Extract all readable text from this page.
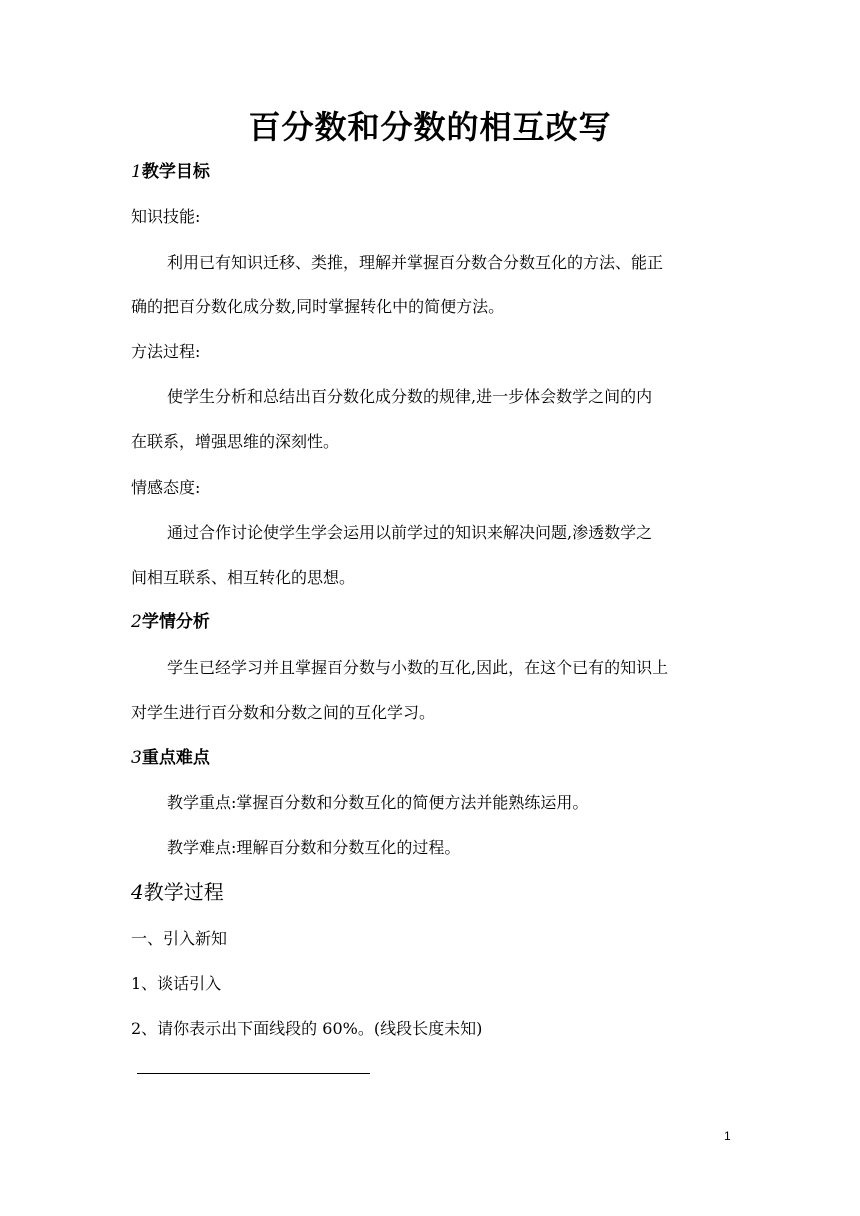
百分数和分数的相互改写
1教学目标

知识技能:

利用已有知识迁移、类推，理解并掌握百分数合分数互化的方法、能正

确的把百分数化成分数,同时掌握转化中的简便方法。

方法过程:

使学生分析和总结出百分数化成分数的规律,进一步体会数学之间的内

在联系，增强思维的深刻性。

情感态度:

通过合作讨论使学生学会运用以前学过的知识来解决问题,渗透数学之

间相互联系、相互转化的思想。

2学情分析

学生已经学习并且掌握百分数与小数的互化,因此，在这个已有的知识上

对学生进行百分数和分数之间的互化学习。

3重点难点

教学重点:掌握百分数和分数互化的简便方法并能熟练运用。

教学难点:理解百分数和分数互化的过程。

4教学过程

一、引入新知

1、谈话引入

2、请你表示出下面线段的 60%。(线段长度未知)

1
